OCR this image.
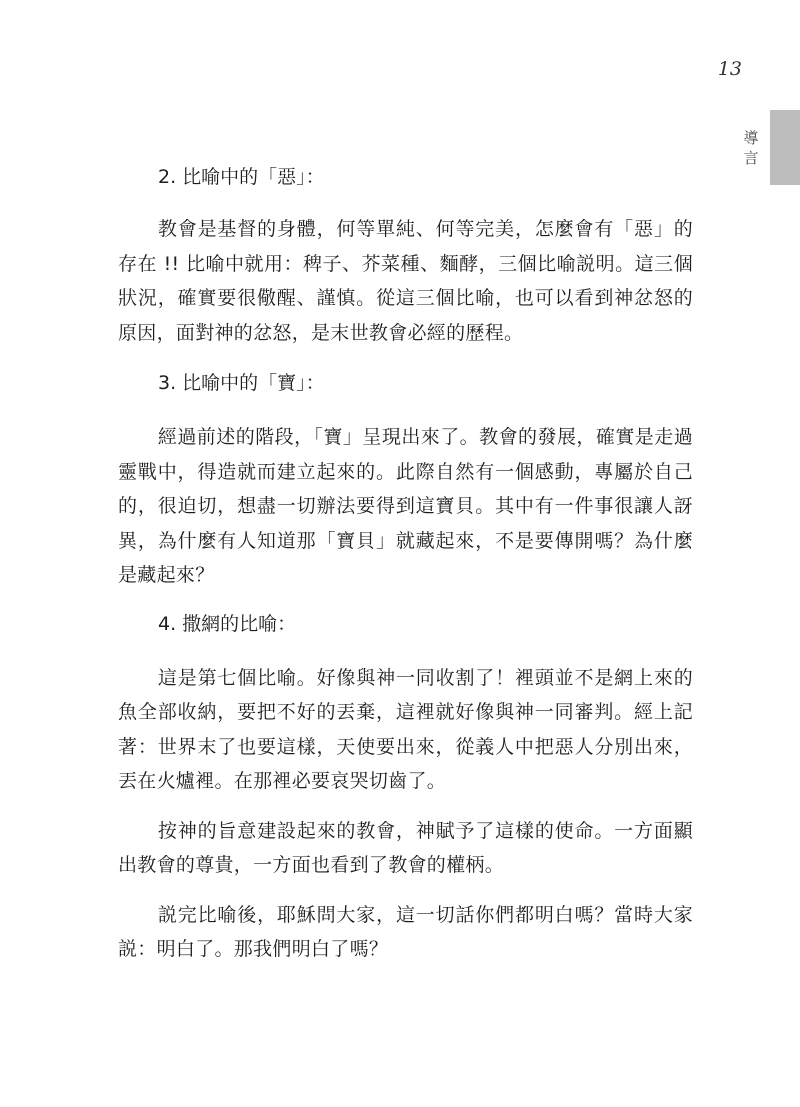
13
導言
2. 比喻中的「惡」：

教會是基督的身體，何等單純、何等完美，怎麼會有「惡」的存在 !! 比喻中就用：稗子、芥菜種、麵酵，三個比喻説明。這三個狀況，確實要很儆醒、謹慎。從這三個比喻，也可以看到神忿怒的原因，面對神的忿怒，是末世教會必經的歷程。

3. 比喻中的「寶」：

經過前述的階段，「寶」呈現出來了。教會的發展，確實是走過靈戰中，得造就而建立起來的。此際自然有一個感動，專屬於自己的，很迫切，想盡一切辦法要得到這寶貝。其中有一件事很讓人訝異，為什麼有人知道那「寶貝」就藏起來，不是要傳開嗎？為什麼是藏起來？

4. 撒網的比喻：

這是第七個比喻。好像與神一同收割了！裡頭並不是網上來的魚全部收納，要把不好的丟棄，這裡就好像與神一同審判。經上記著：世界末了也要這樣，天使要出來，從義人中把惡人分別出來，丟在火爐裡。在那裡必要哀哭切齒了。

按神的旨意建設起來的教會，神賦予了這樣的使命。一方面顯出教會的尊貴，一方面也看到了教會的權柄。

説完比喻後，耶穌問大家，這一切話你們都明白嗎？當時大家説：明白了。那我們明白了嗎？
